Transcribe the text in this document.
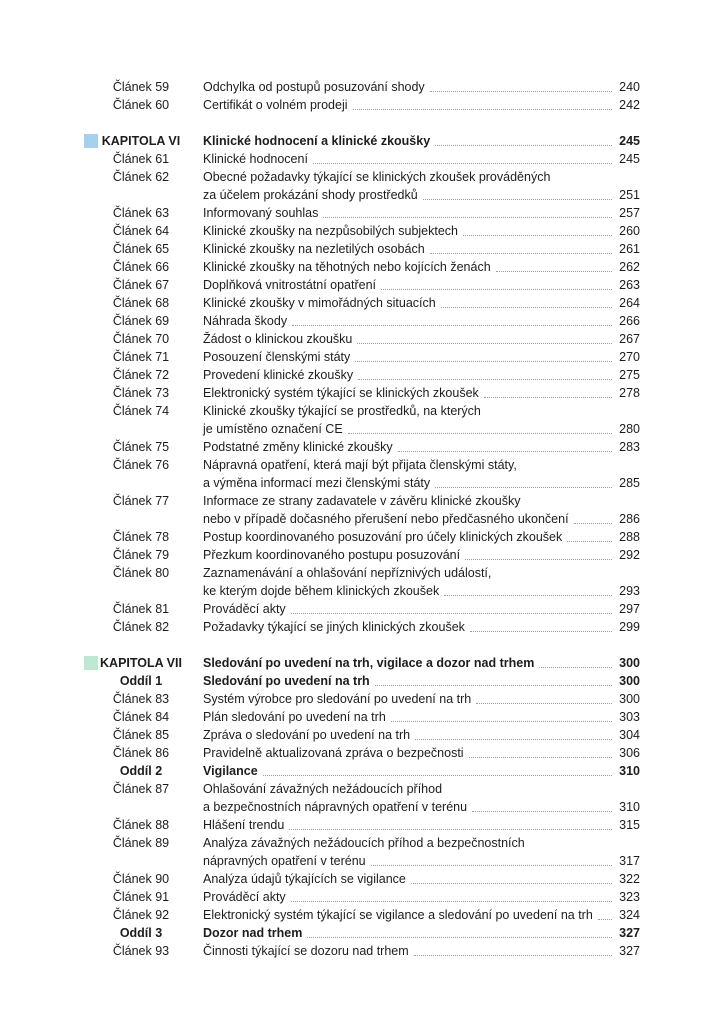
Článek 59	Odchylka od postupů posuzování shody	240
Článek 60	Certifikát o volném prodeji	242
KAPITOLA VI	Klinické hodnocení a klinické zkoušky	245
Článek 61	Klinické hodnocení	245
Článek 62	Obecné požadavky týkající se klinických zkoušek prováděných
za účelem prokázání shody prostředků	251
Článek 63	Informovaný souhlas	257
Článek 64	Klinické zkoušky na nezpůsobilých subjektech	260
Článek 65	Klinické zkoušky na nezletilých osobách	261
Článek 66	Klinické zkoušky na těhotných nebo kojících ženách	262
Článek 67	Doplňková vnitrostátní opatření	263
Článek 68	Klinické zkoušky v mimořádných situacích	264
Článek 69	Náhrada škody	266
Článek 70	Žádost o klinickou zkoušku	267
Článek 71	Posouzení členskými státy	270
Článek 72	Provedení klinické zkoušky	275
Článek 73	Elektronický systém týkající se klinických zkoušek	278
Článek 74	Klinické zkoušky týkající se prostředků, na kterých
je umístěno označení CE	280
Článek 75	Podstatné změny klinické zkoušky	283
Článek 76	Nápravná opatření, která mají být přijata členskými státy,
a výměna informací mezi členskými státy	285
Článek 77	Informace ze strany zadavatele v závěru klinické zkoušky
nebo v případě dočasného přerušení nebo předčasného ukončení	286
Článek 78	Postup koordinovaného posuzování pro účely klinických zkoušek	288
Článek 79	Přezkum koordinovaného postupu posuzování	292
Článek 80	Zaznamenávání a ohlašování nepříznivých událostí,
ke kterým dojde během klinických zkoušek	293
Článek 81	Prováděcí akty	297
Článek 82	Požadavky týkající se jiných klinických zkoušek	299
KAPITOLA VII	Sledování po uvedení na trh, vigilace a dozor nad trhem	300
Oddíl 1	Sledování po uvedení na trh	300
Článek 83	Systém výrobce pro sledování po uvedení na trh	300
Článek 84	Plán sledování po uvedení na trh	303
Článek 85	Zpráva o sledování po uvedení na trh	304
Článek 86	Pravidelně aktualizovaná zpráva o bezpečnosti	306
Oddíl 2	Vigilance	310
Článek 87	Ohlašování závažných nežádoucích příhod
a bezpečnostních nápravných opatření v terénu	310
Článek 88	Hlášení trendu	315
Článek 89	Analýza závažných nežádoucích příhod a bezpečnostních
nápravných opatření v terénu	317
Článek 90	Analýza údajů týkajících se vigilance	322
Článek 91	Prováděcí akty	323
Článek 92	Elektronický systém týkající se vigilance a sledování po uvedení na trh	324
Oddíl 3	Dozor nad trhem	327
Článek 93	Činnosti týkající se dozoru nad trhem	327
